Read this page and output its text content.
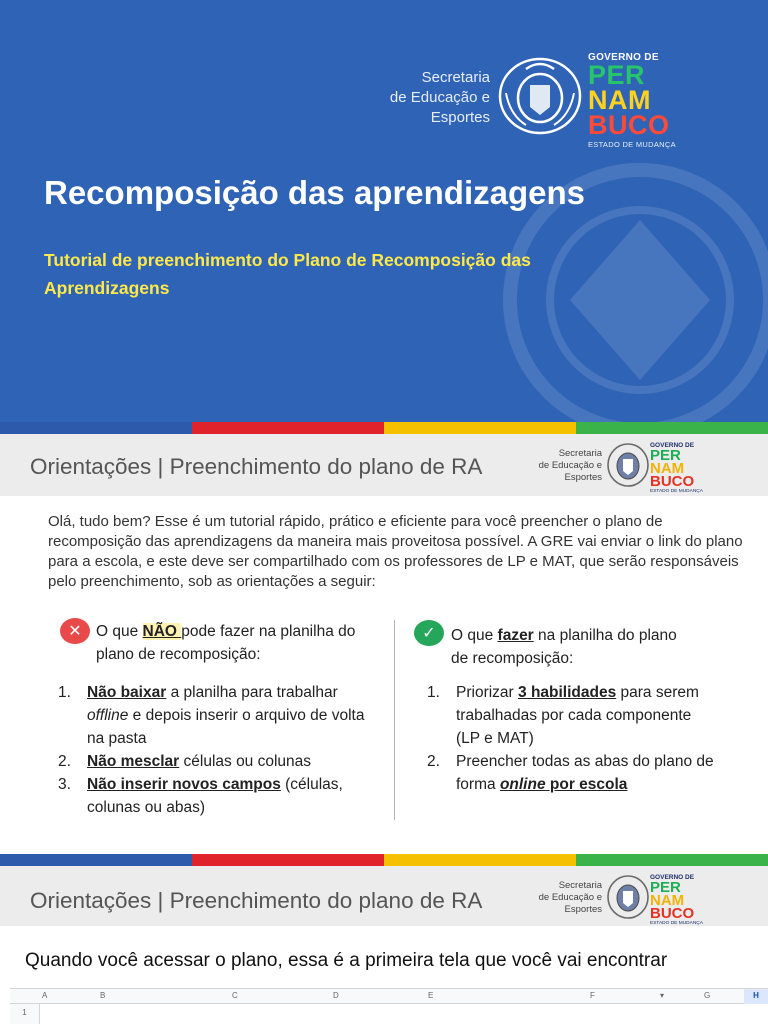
Secretaria
de Educação e
Esportes
GOVERNO DE
PER
NAM
BUCO
ESTADO DE MUDANÇA
Recomposição das aprendizagens
Tutorial de preenchimento do Plano de Recomposição das Aprendizagens
Orientações | Preenchimento do plano de RA
Secretaria
de Educação e
Esportes
GOVERNO DE
PER
NAM
BUCO
ESTADO DE MUDANÇA

Olá, tudo bem? Esse é um tutorial rápido, prático e eficiente para você preencher o plano de recomposição das aprendizagens da maneira mais proveitosa possível. A GRE vai enviar o link do plano para a escola, e este deve ser compartilhado com os professores de LP e MAT, que serão responsáveis pelo preenchimento, sob as orientações a seguir:

✕ O que NÃO pode fazer na planilha do plano de recomposição:
1. Não baixar a planilha para trabalhar offline e depois inserir o arquivo de volta na pasta
2. Não mesclar células ou colunas
3. Não inserir novos campos (células, colunas ou abas)
✓ O que fazer na planilha do plano de recomposição:
1. Priorizar 3 habilidades para serem trabalhadas por cada componente (LP e MAT)
2. Preencher todas as abas do plano de forma online por escola
Orientações | Preenchimento do plano de RA
Secretaria
de Educação e
Esportes
GOVERNO DE
PER
NAM
BUCO
ESTADO DE MUDANÇA
Quando você acessar o plano, essa é a primeira tela que você vai encontrar
A	B	C	D	E	F	▾	G	H
1
